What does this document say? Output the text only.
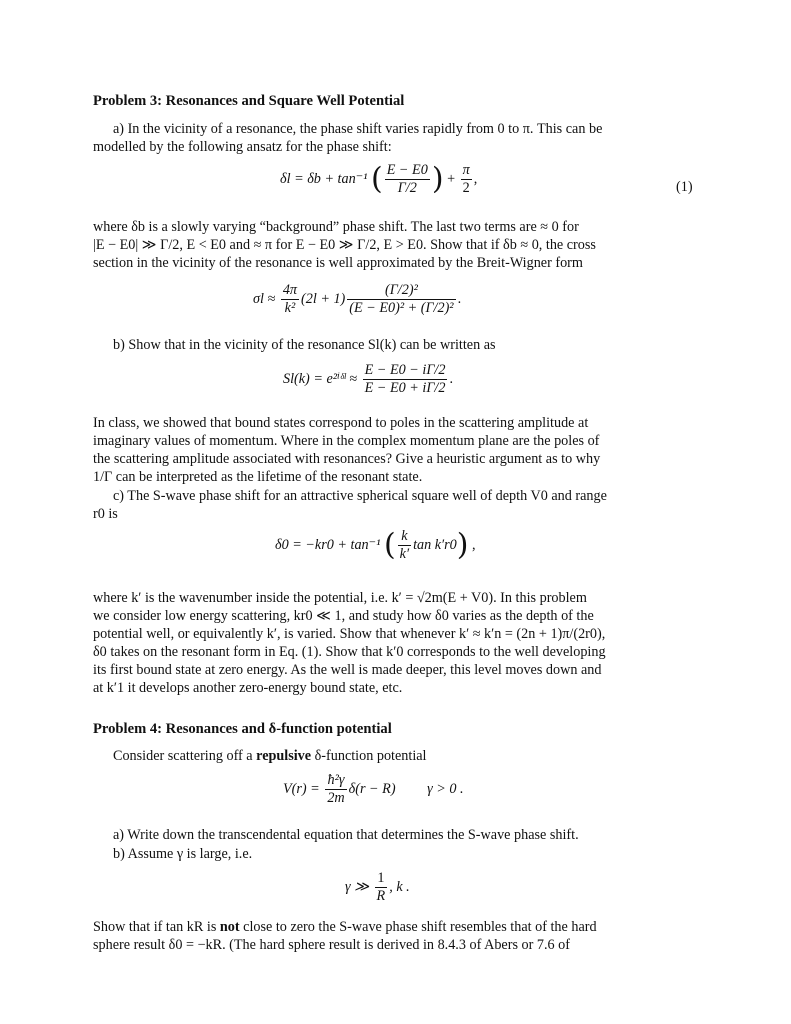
Problem 3: Resonances and Square Well Potential
a) In the vicinity of a resonance, the phase shift varies rapidly from 0 to π. This can be
modelled by the following ansatz for the phase shift:
δl = δb + tan⁻¹ ( $\frac{E - E0}{\Gamma/2}$ ) + $\frac{\pi}{2}$ ,
(1)
where δb is a slowly varying “background” phase shift. The last two terms are ≈ 0 for
|E − E0| ≫ Γ/2, E < E0 and ≈ π for E − E0 ≫ Γ/2, E > E0. Show that if δb ≈ 0, the cross
section in the vicinity of the resonance is well approximated by the Breit-Wigner form
$\sigma l \approx \frac{4\pi}{\text{k²}} (2l + 1) \frac{\text{(Γ/2)²}}{\text{(E − E0)² + (Γ/2)²}}$ .
b) Show that in the vicinity of the resonance Sl(k) can be written as
Sl(k) = e²ⁱᵟˡ ≈ $\frac{E - E0 - i\Gamma/2}{E - E0 + i\Gamma/2}$ .
In class, we showed that bound states correspond to poles in the scattering amplitude at
imaginary values of momentum. Where in the complex momentum plane are the poles of
the scattering amplitude associated with resonances? Give a heuristic argument as to why
1/Γ can be interpreted as the lifetime of the resonant state.
c) The S-wave phase shift for an attractive spherical square well of depth V0 and range
r0 is
δ0 = −kr0 + tan⁻¹ ( $\frac{k}{k'}$ tan k′r0) ,
where k′ is the wavenumber inside the potential, i.e. k′ = √2m(E + V0). In this problem
we consider low energy scattering, kr0 ≪ 1, and study how δ0 varies as the depth of the
potential well, or equivalently k′, is varied. Show that whenever k′ ≈ k′n = (2n + 1)π/(2r0),
δ0 takes on the resonant form in Eq. (1). Show that k′0 corresponds to the well developing
its first bound state at zero energy. As the well is made deeper, this level moves down and
at k′1 it develops another zero-energy bound state, etc.
Problem 4: Resonances and δ-function potential
Consider scattering off a repulsive δ-function potential
$V(r) = \frac{\text{ħ²γ}}{2m} \delta(r - R) \gamma > 0$ .
a) Write down the transcendental equation that determines the S-wave phase shift.
b) Assume γ is large, i.e.
γ ≫ $\frac{1}{R}$ , k .
Show that if tan kR is not close to zero the S-wave phase shift resembles that of the hard
sphere result δ0 = −kR. (The hard sphere result is derived in 8.4.3 of Abers or 7.6 of
